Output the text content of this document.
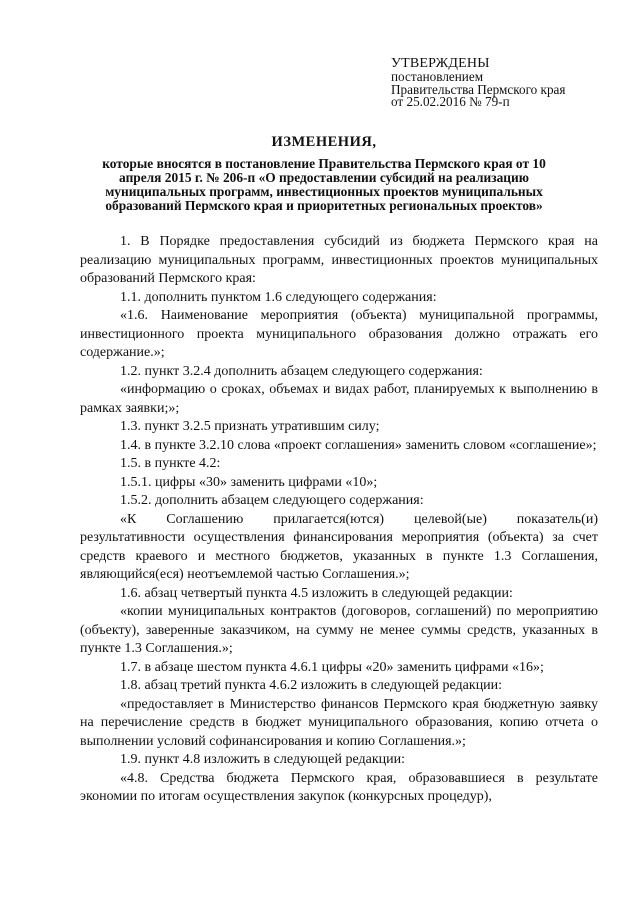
УТВЕРЖДЕНЫ
постановлением
Правительства Пермского края
от 25.02.2016 № 79-п
ИЗМЕНЕНИЯ,
которые вносятся в постановление Правительства Пермского края от 10 апреля 2015 г. № 206-п «О предоставлении субсидий на реализацию муниципальных программ, инвестиционных проектов муниципальных образований Пермского края и приоритетных региональных проектов»

1. В Порядке предоставления субсидий из бюджета Пермского края на реализацию муниципальных программ, инвестиционных проектов муниципальных образований Пермского края:

1.1. дополнить пунктом 1.6 следующего содержания:

«1.6. Наименование мероприятия (объекта) муниципальной программы, инвестиционного проекта муниципального образования должно отражать его содержание.»;

1.2. пункт 3.2.4 дополнить абзацем следующего содержания:

«информацию о сроках, объемах и видах работ, планируемых к выполнению в рамках заявки;»;

1.3. пункт 3.2.5 признать утратившим силу;

1.4. в пункте 3.2.10 слова «проект соглашения» заменить словом «соглашение»;

1.5. в пункте 4.2:

1.5.1. цифры «30» заменить цифрами «10»;

1.5.2. дополнить абзацем следующего содержания:

«К Соглашению прилагается(ются) целевой(ые) показатель(и) результативности осуществления финансирования мероприятия (объекта) за счет средств краевого и местного бюджетов, указанных в пункте 1.3 Соглашения, являющийся(еся) неотъемлемой частью Соглашения.»;

1.6. абзац четвертый пункта 4.5 изложить в следующей редакции:

«копии муниципальных контрактов (договоров, соглашений) по мероприятию (объекту), заверенные заказчиком, на сумму не менее суммы средств, указанных в пункте 1.3 Соглашения.»;

1.7. в абзаце шестом пункта 4.6.1 цифры «20» заменить цифрами «16»;

1.8. абзац третий пункта 4.6.2 изложить в следующей редакции:

«предоставляет в Министерство финансов Пермского края бюджетную заявку на перечисление средств в бюджет муниципального образования, копию отчета о выполнении условий софинансирования и копию Соглашения.»;

1.9. пункт 4.8 изложить в следующей редакции:

«4.8. Средства бюджета Пермского края, образовавшиеся в результате экономии по итогам осуществления закупок (конкурсных процедур),
